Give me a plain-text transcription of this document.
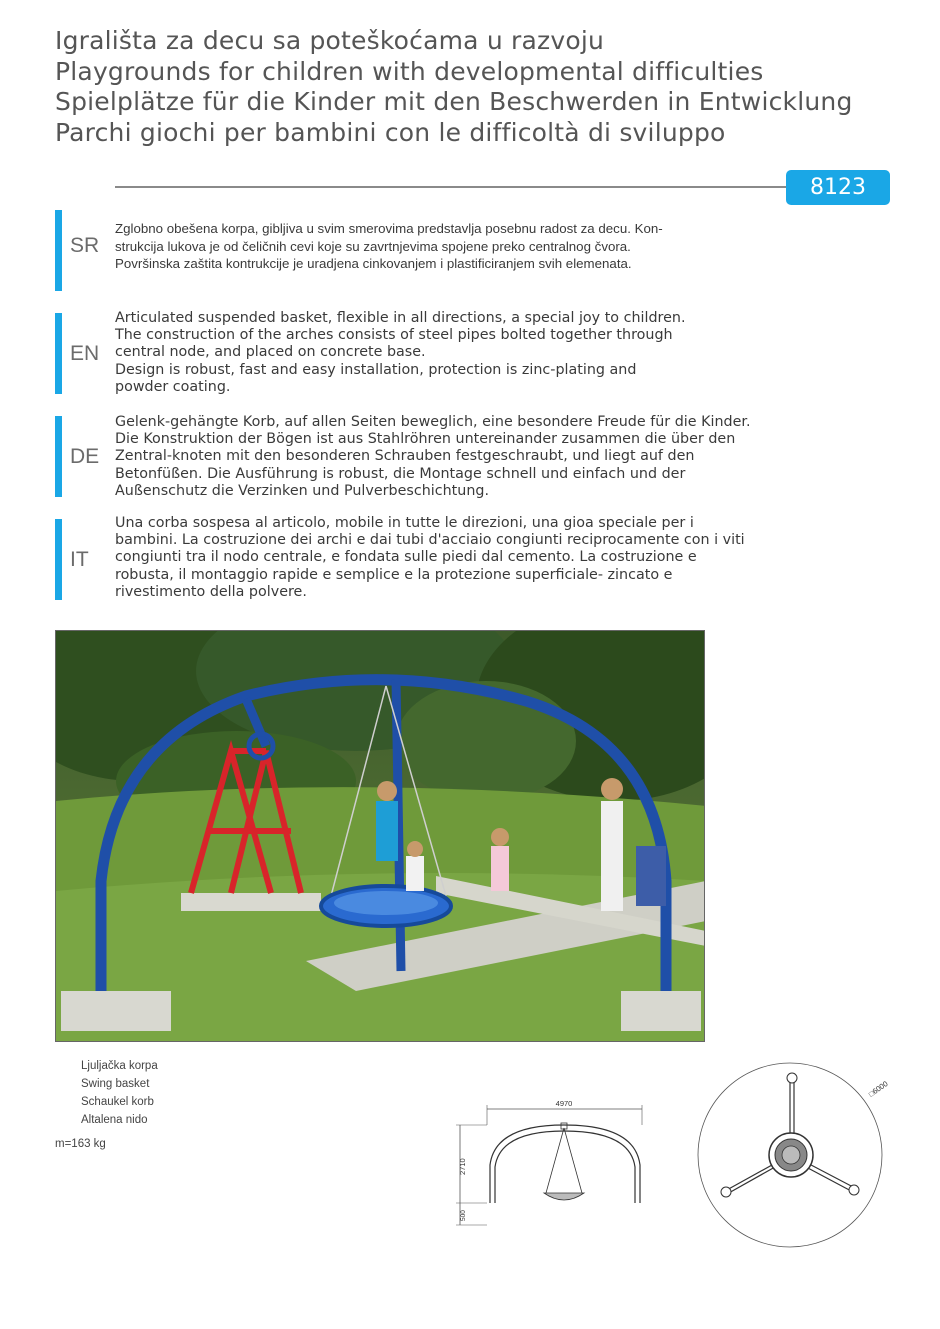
Igrališta za decu sa poteškoćama u razvoju
Playgrounds for children with developmental difficulties
Spielplätze für die Kinder mit den Beschwerden in Entwicklung
Parchi giochi per bambini con le difficoltà di sviluppo
8123
SR
Zglobno obešena korpa, gibljiva u svim smerovima predstavlja posebnu radost za decu. Kon-
strukcija lukova je od čeličnih cevi koje su zavrtnjevima spojene preko centralnog čvora.
Površinska zaštita kontrukcije je uradjena cinkovanjem i plastificiranjem svih elemenata.
EN
Articulated suspended basket, flexible in all directions, a special joy to children.
The construction of the arches consists of steel pipes bolted together through
central node, and placed on concrete base.
Design is robust, fast and easy installation, protection is zinc-plating and
powder coating.
DE
Gelenk-gehängte Korb, auf allen Seiten beweglich, eine besondere Freude für die Kinder.
Die Konstruktion der Bögen ist aus Stahlröhren untereinander zusammen die über den
Zentral-knoten mit den besonderen Schrauben festgeschraubt, und liegt auf den
Betonfüßen. Die Ausführung is robust, die Montage schnell und einfach und der
Außenschutz die Verzinken und Pulverbeschichtung.
IT
Una corba sospesa al articolo, mobile in tutte le direzioni, una gioa speciale per i
bambini. La costruzione dei archi e dai tubi d'acciaio congiunti reciprocamente con i viti
congiunti tra il nodo centrale, e fondata sulle piedi dal cemento. La costruzione e
robusta, il montaggio rapide e semplice e la protezione superficiale- zincato e
rivestimento della polvere.
Ljuljačka korpa
Swing basket
Schaukel korb
Altalena nido
m=163 kg
4970
2710
500
□6000
